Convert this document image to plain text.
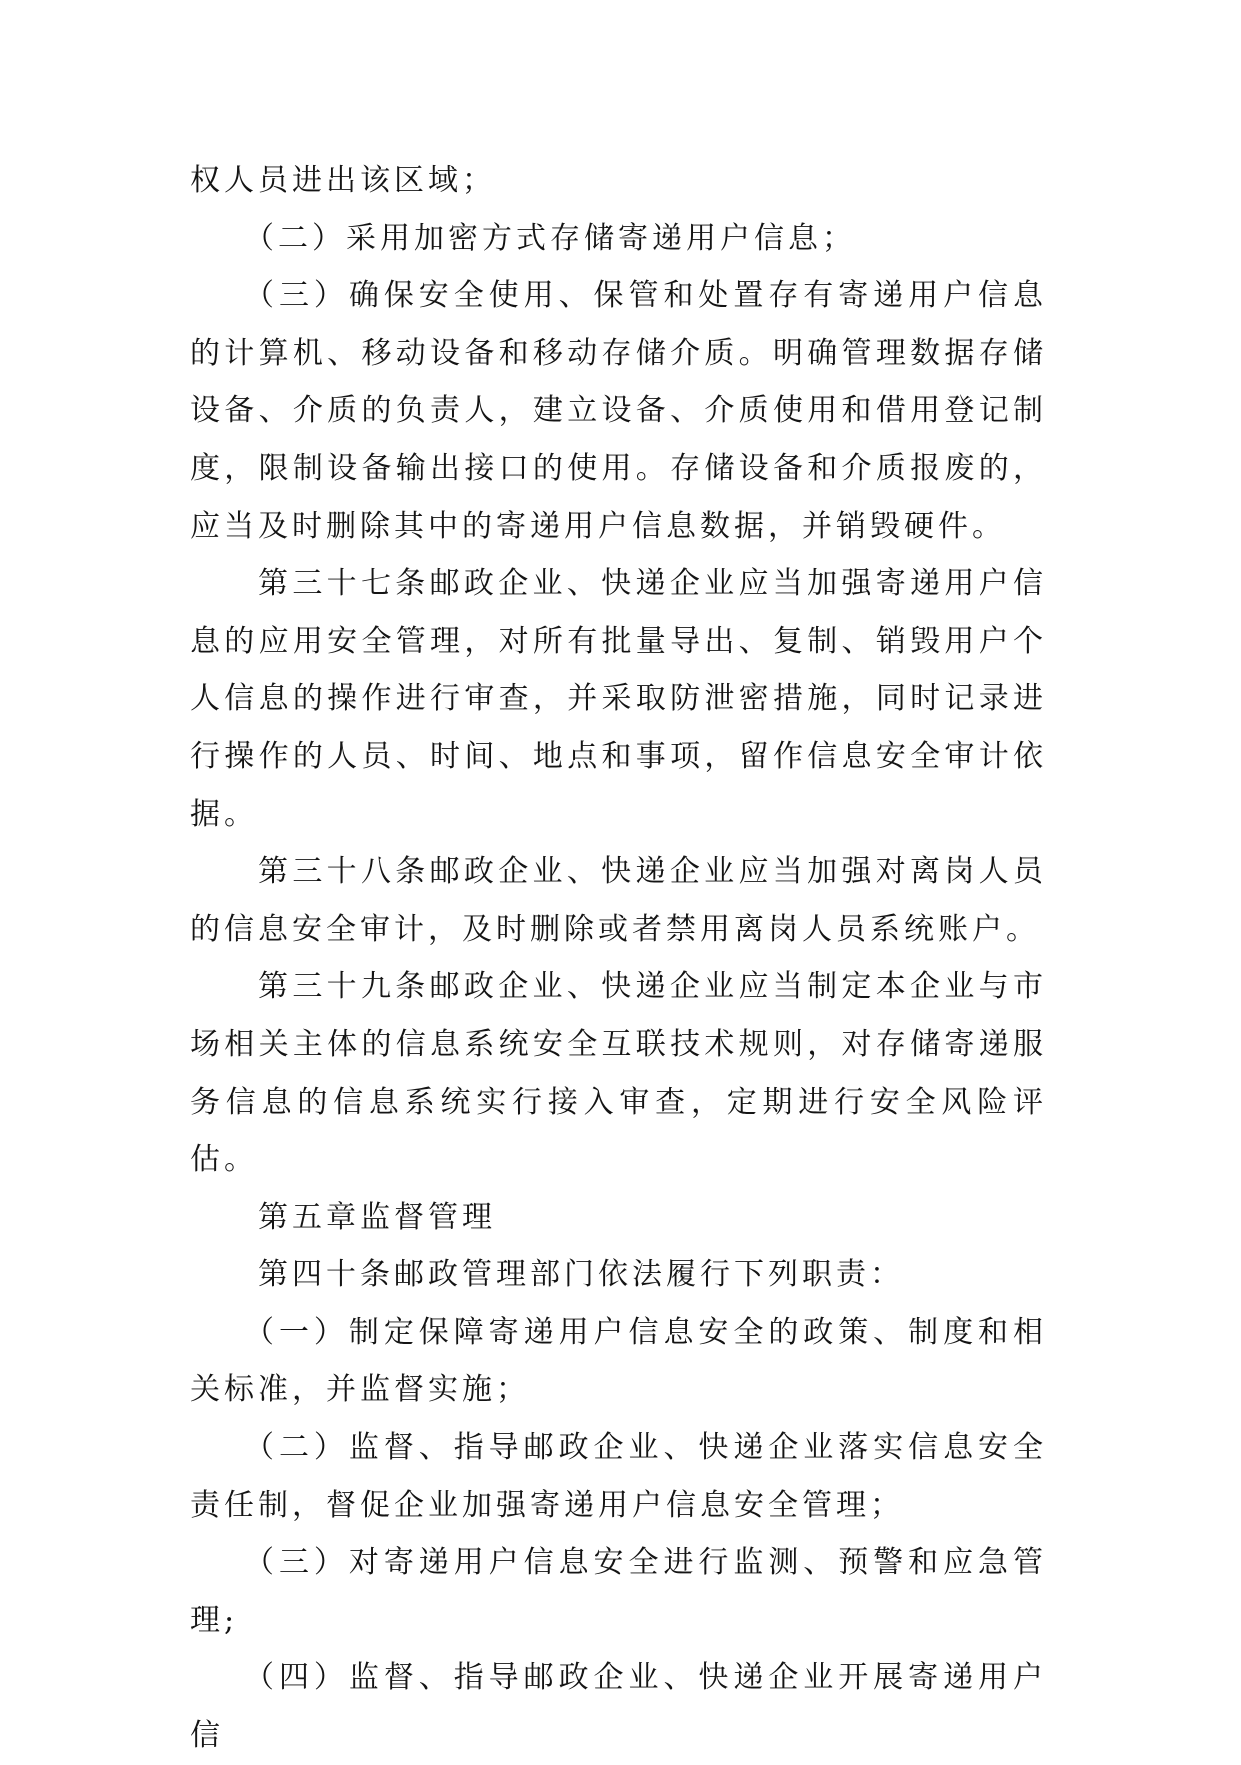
权人员进出该区域；

（二）采用加密方式存储寄递用户信息；

（三）确保安全使用、保管和处置存有寄递用户信息的计算机、移动设备和移动存储介质。明确管理数据存储设备、介质的负责人，建立设备、介质使用和借用登记制度，限制设备输出接口的使用。存储设备和介质报废的，应当及时删除其中的寄递用户信息数据，并销毁硬件。

第三十七条邮政企业、快递企业应当加强寄递用户信息的应用安全管理，对所有批量导出、复制、销毁用户个人信息的操作进行审查，并采取防泄密措施，同时记录进行操作的人员、时间、地点和事项，留作信息安全审计依据。

第三十八条邮政企业、快递企业应当加强对离岗人员的信息安全审计，及时删除或者禁用离岗人员系统账户。

第三十九条邮政企业、快递企业应当制定本企业与市场相关主体的信息系统安全互联技术规则，对存储寄递服务信息的信息系统实行接入审查，定期进行安全风险评估。

第五章监督管理

第四十条邮政管理部门依法履行下列职责：

（一）制定保障寄递用户信息安全的政策、制度和相关标准，并监督实施；

（二）监督、指导邮政企业、快递企业落实信息安全责任制，督促企业加强寄递用户信息安全管理；

（三）对寄递用户信息安全进行监测、预警和应急管理;

（四）监督、指导邮政企业、快递企业开展寄递用户信
